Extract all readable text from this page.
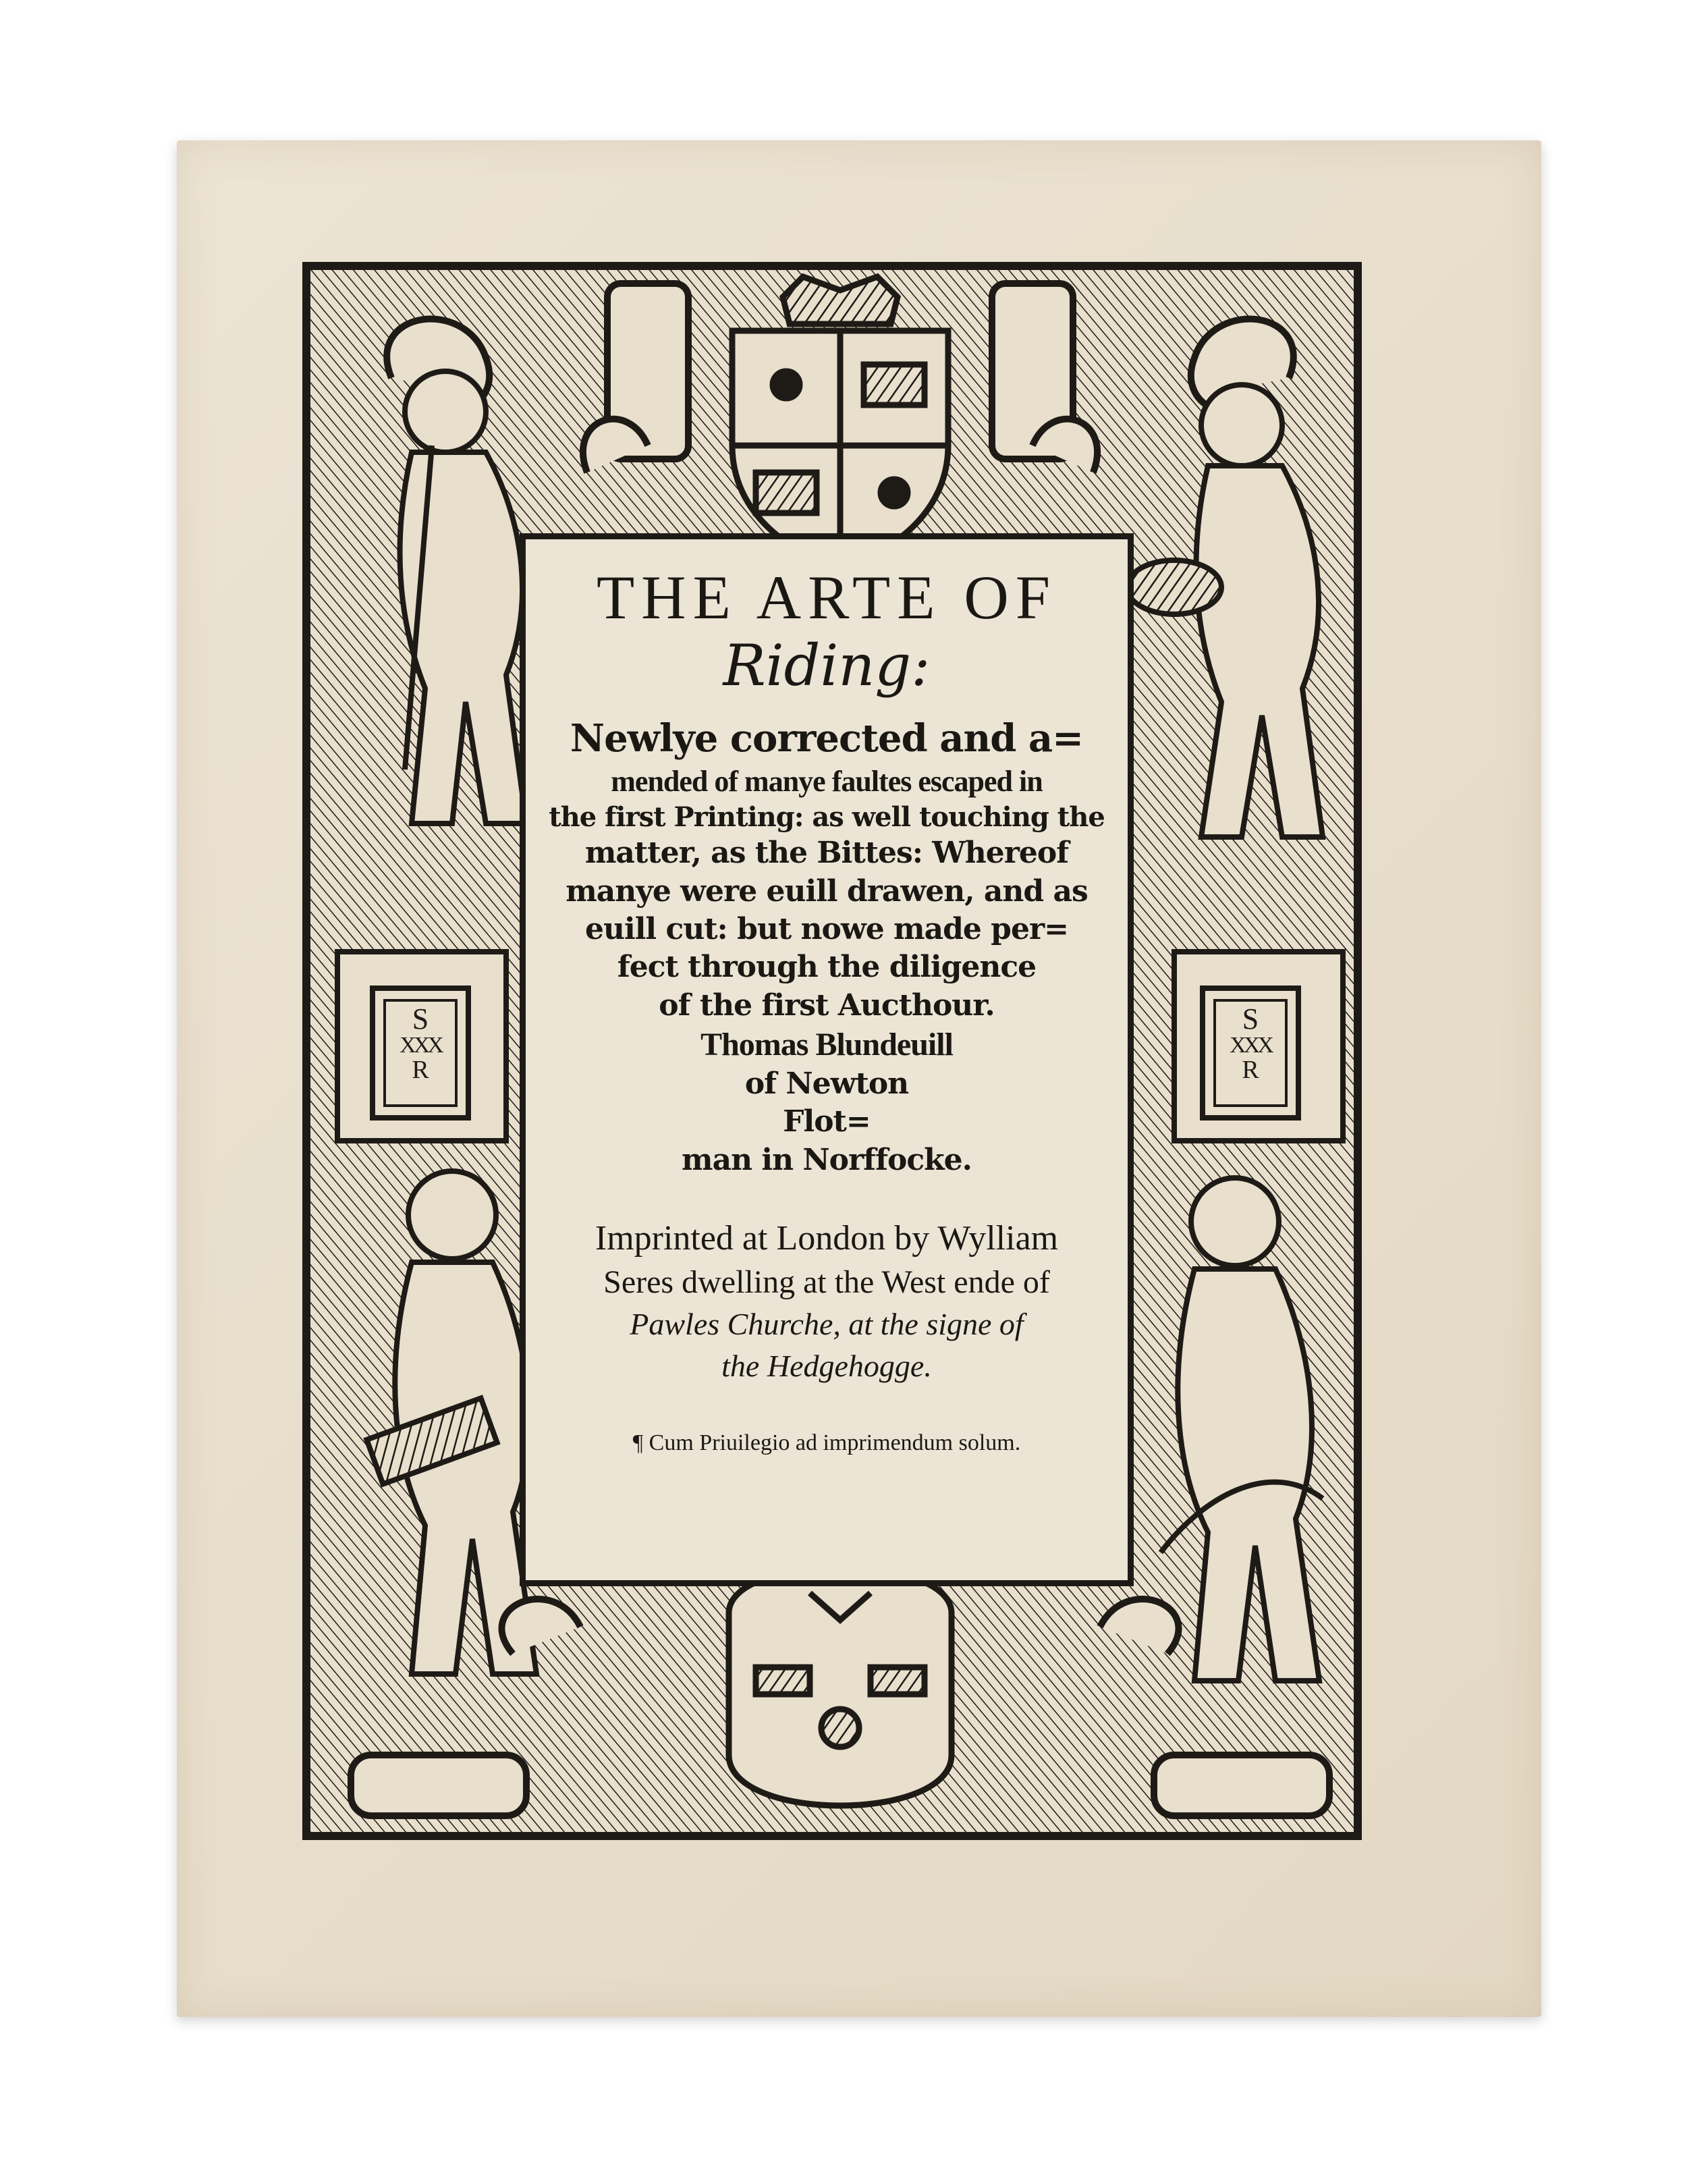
S
XXX
R
S
XXX
R
THE ARTE OF
Riding:
Newlye corrected and a=
mended of manye faultes escaped in
the first Printing: as well touching the
matter, as the Bittes: Whereof
manye were euill drawen, and as
euill cut: but nowe made per=
fect through the diligence
of the first Aucthour.
Thomas Blundeuill
of Newton
Flot=
man in Norffocke.
Imprinted at London by Wylliam
Seres dwelling at the West ende of
Pawles Churche, at the signe of
the Hedgehogge.
¶ Cum Priuilegio ad imprimendum solum.
